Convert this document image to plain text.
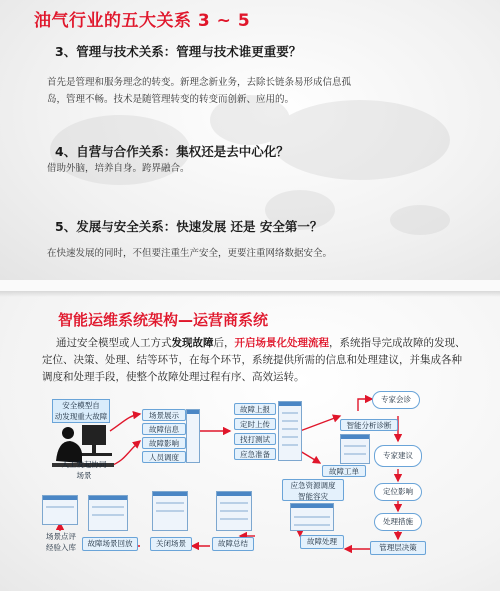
油气行业的五大关系 3 ~ 5
3、管理与技术关系：管理与技术谁更重要？
首先是管理和服务理念的转变。新理念新业务，去除长链条易形成信息孤
岛，管理不畅。技术是随管理转变的转变而创新、应用的。
4、自营与合作关系：集权还是去中心化？
借助外脑，培养自身。跨界融合。
5、发展与安全关系：快速发展 还是 安全第一？
在快速发展的同时，不但要注重生产安全，更要注重网络数据安全。
智能运维系统架构—运营商系统
通过安全模型或人工方式发现故障后，开启场景化处理流程，系统指导完成故障的发现、定位、决策、处理、结等环节，在每个环节，系统提供所需的信息和处理建议，并集成各种调度和处理手段，使整个故障处理过程有序、高效运转。
安全模型自
动发现重大故障
人工发起协同
场景
场景展示
故障信息
故障影响
人员调度
故障上报
定时上传
找打测试
应急准备
专家会诊
智能分析诊断
故障工单
专家建议
定位影响
处理措施
管理层决策
应急资源调度
智能容灾
故障处理
故障总结
关闭场景
故障场景回放
场景点评
经验入库
